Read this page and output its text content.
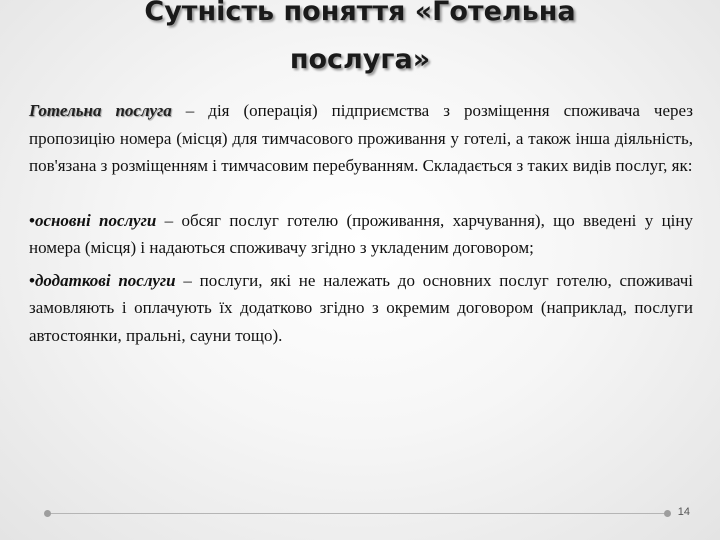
Сутність поняття «Готельна
послуга»

Готельна послуга – дія (операція) підприємства з розміщення споживача через пропозицію номера (місця) для тимчасового проживання у готелі, а також інша діяльність, пов'язана з розміщенням і тимчасовим перебуванням. Складається з таких видів послуг, як:

•основні послуги – обсяг послуг готелю (проживання, харчування), що введені у ціну номера (місця) і надаються споживачу згідно з укладеним договором;

•додаткові послуги – послуги, які не належать до основних послуг готелю, споживачі замовляють і оплачують їх додатково згідно з окремим договором (наприклад, послуги автостоянки, пральні, сауни тощо).

14
